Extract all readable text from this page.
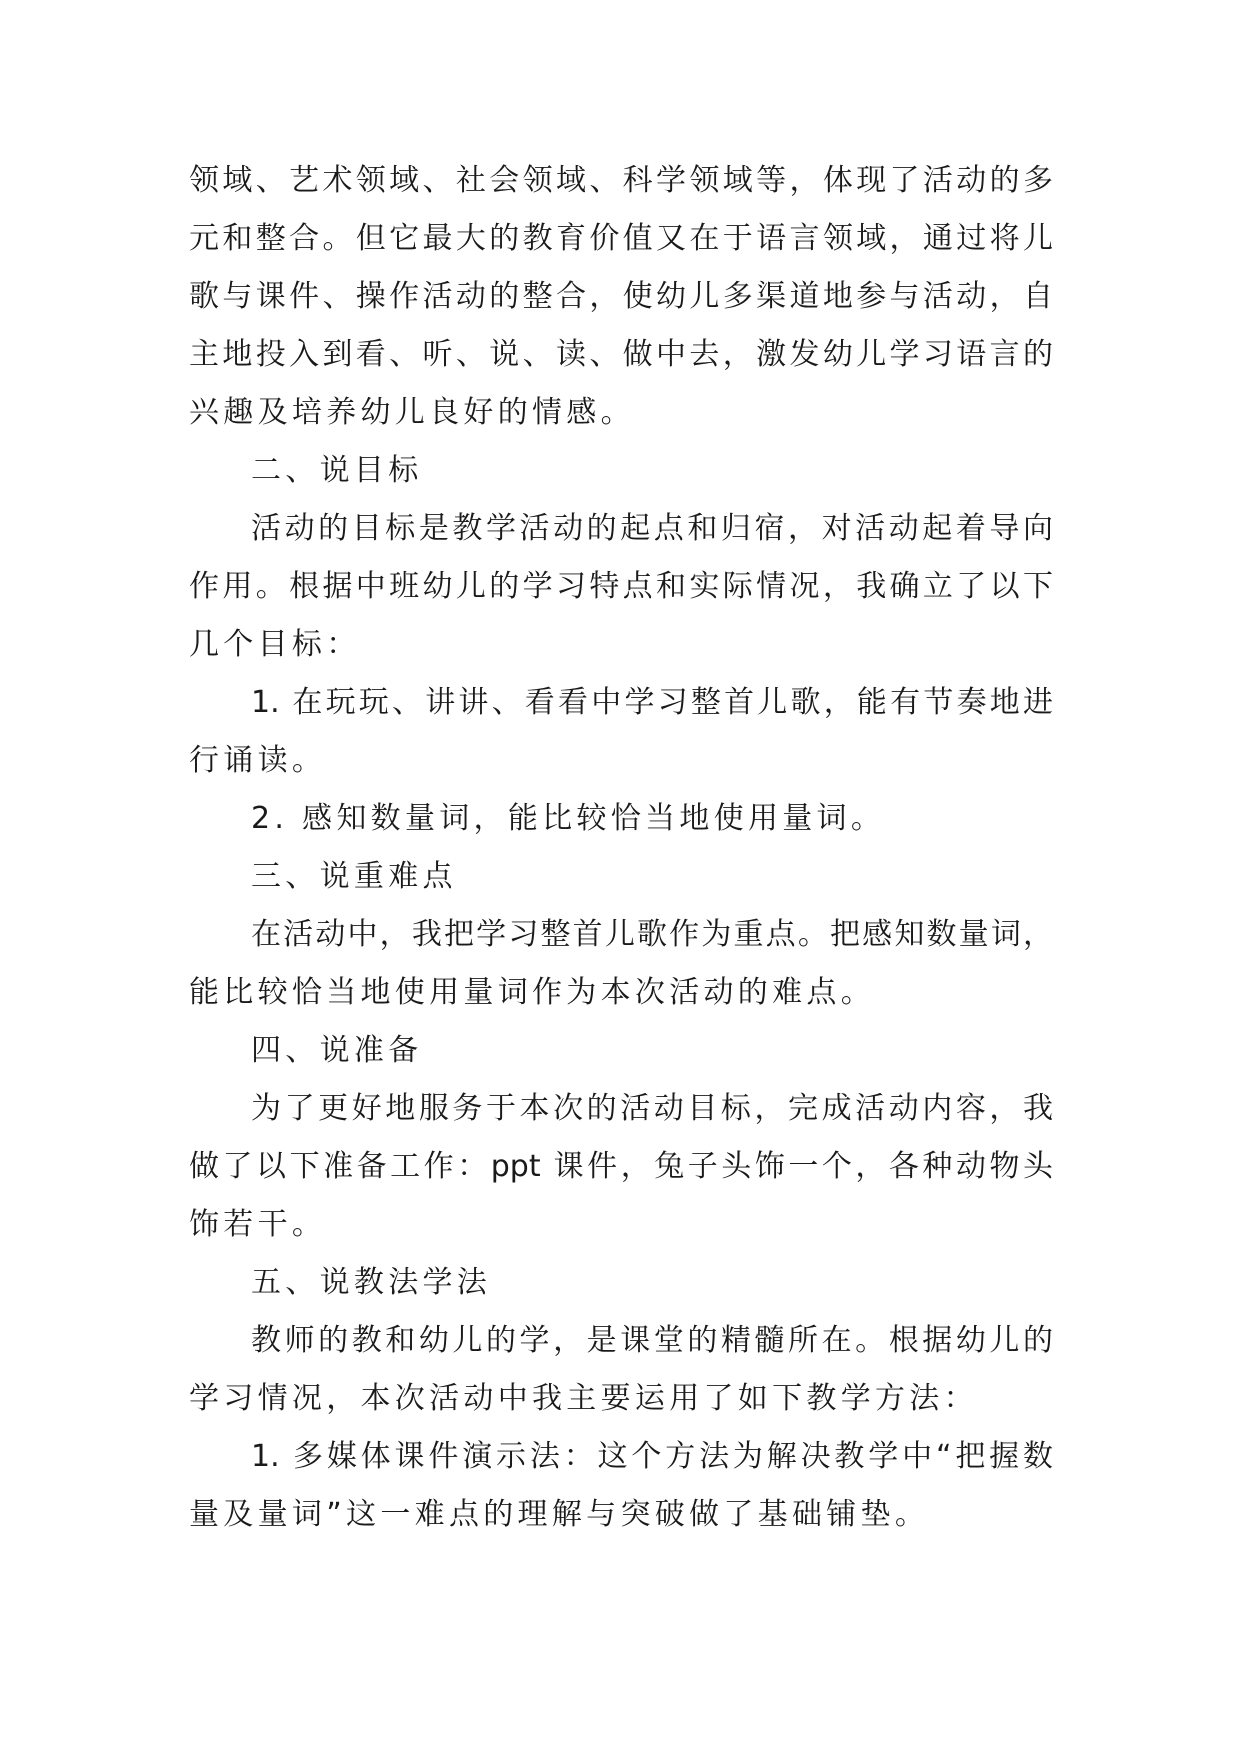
领域、艺术领域、社会领域、科学领域等，体现了活动的多
元和整合。但它最大的教育价值又在于语言领域，通过将儿
歌与课件、操作活动的整合，使幼儿多渠道地参与活动，自
主地投入到看、听、说、读、做中去，激发幼儿学习语言的
兴趣及培养幼儿良好的情感。
二、说目标
活动的目标是教学活动的起点和归宿，对活动起着导向
作用。根据中班幼儿的学习特点和实际情况，我确立了以下
几个目标：
1. 在玩玩、讲讲、看看中学习整首儿歌，能有节奏地进
行诵读。
2. 感知数量词，能比较恰当地使用量词。
三、说重难点
在活动中，我把学习整首儿歌作为重点。把感知数量词，
能比较恰当地使用量词作为本次活动的难点。
四、说准备
为了更好地服务于本次的活动目标，完成活动内容，我
做了以下准备工作：ppt 课件，兔子头饰一个，各种动物头
饰若干。
五、说教法学法
教师的教和幼儿的学，是课堂的精髓所在。根据幼儿的
学习情况，本次活动中我主要运用了如下教学方法：
1. 多媒体课件演示法：这个方法为解决教学中“把握数
量及量词”这一难点的理解与突破做了基础铺垫。
